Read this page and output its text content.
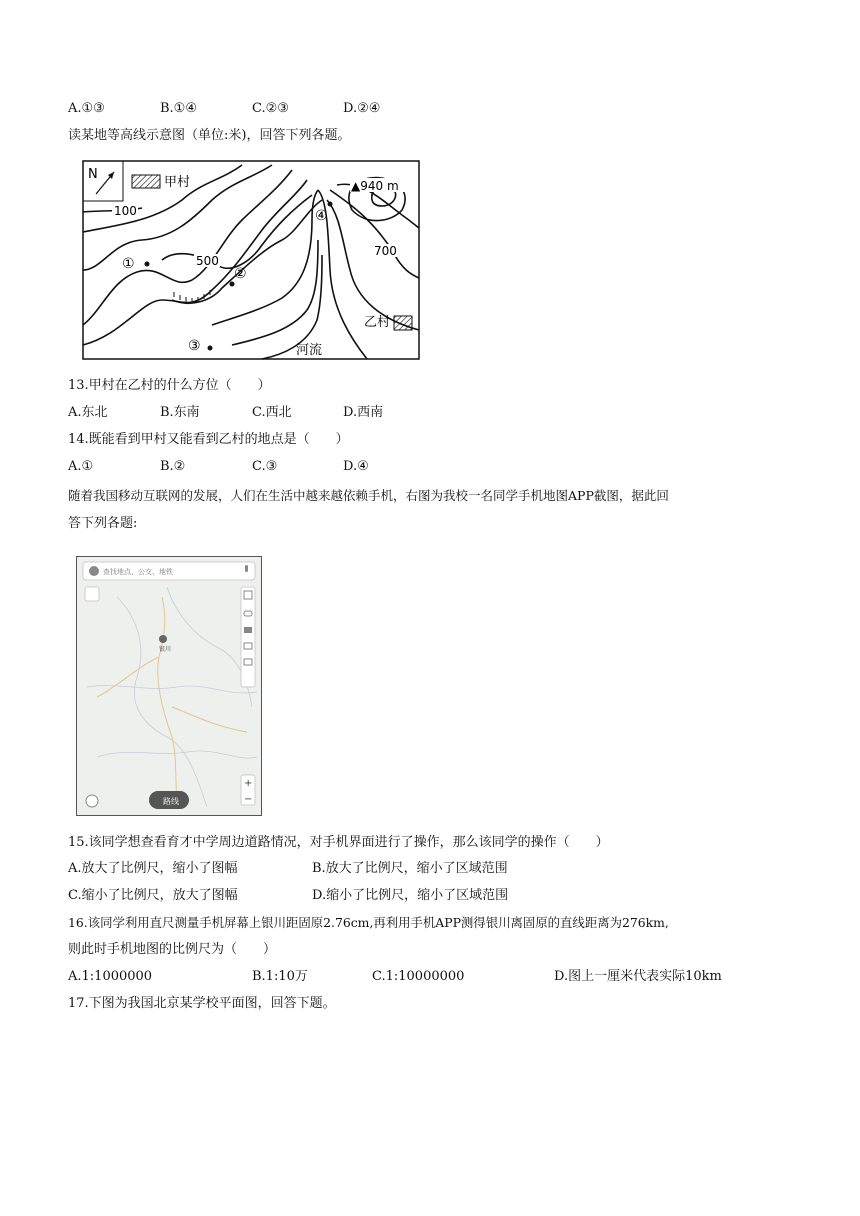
A.①③	B.①④	C.②③	D.②④
读某地等高线示意图（单位:米)，回答下列各题。
N
甲村
100
500
700
▲940 m
①
②
③
④
乙村
河流
13.甲村在乙村的什么方位（　　）
A.东北	B.东南	C.西北	D.西南
14.既能看到甲村又能看到乙村的地点是（　　）
A.①	B.②	C.③	D.④
随着我国移动互联网的发展，人们在生活中越来越依赖手机，右图为我校一名同学手机地图APP截图，据此回
答下列各题:
查找地点、公交、地铁
银川
+
−
路线
15.该同学想查看育才中学周边道路情况，对手机界面进行了操作，那么该同学的操作（　　）
A.放大了比例尺，缩小了图幅	B.放大了比例尺，缩小了区域范围
C.缩小了比例尺，放大了图幅	D.缩小了比例尺，缩小了区域范围
16.该同学利用直尺测量手机屏幕上银川距固原2.76cm,再利用手机APP测得银川离固原的直线距离为276km,
则此时手机地图的比例尺为（　　）
A.1:1000000	B.1:10万	C.1:10000000	D.图上一厘米代表实际10km
17.下图为我国北京某学校平面图，回答下题。
